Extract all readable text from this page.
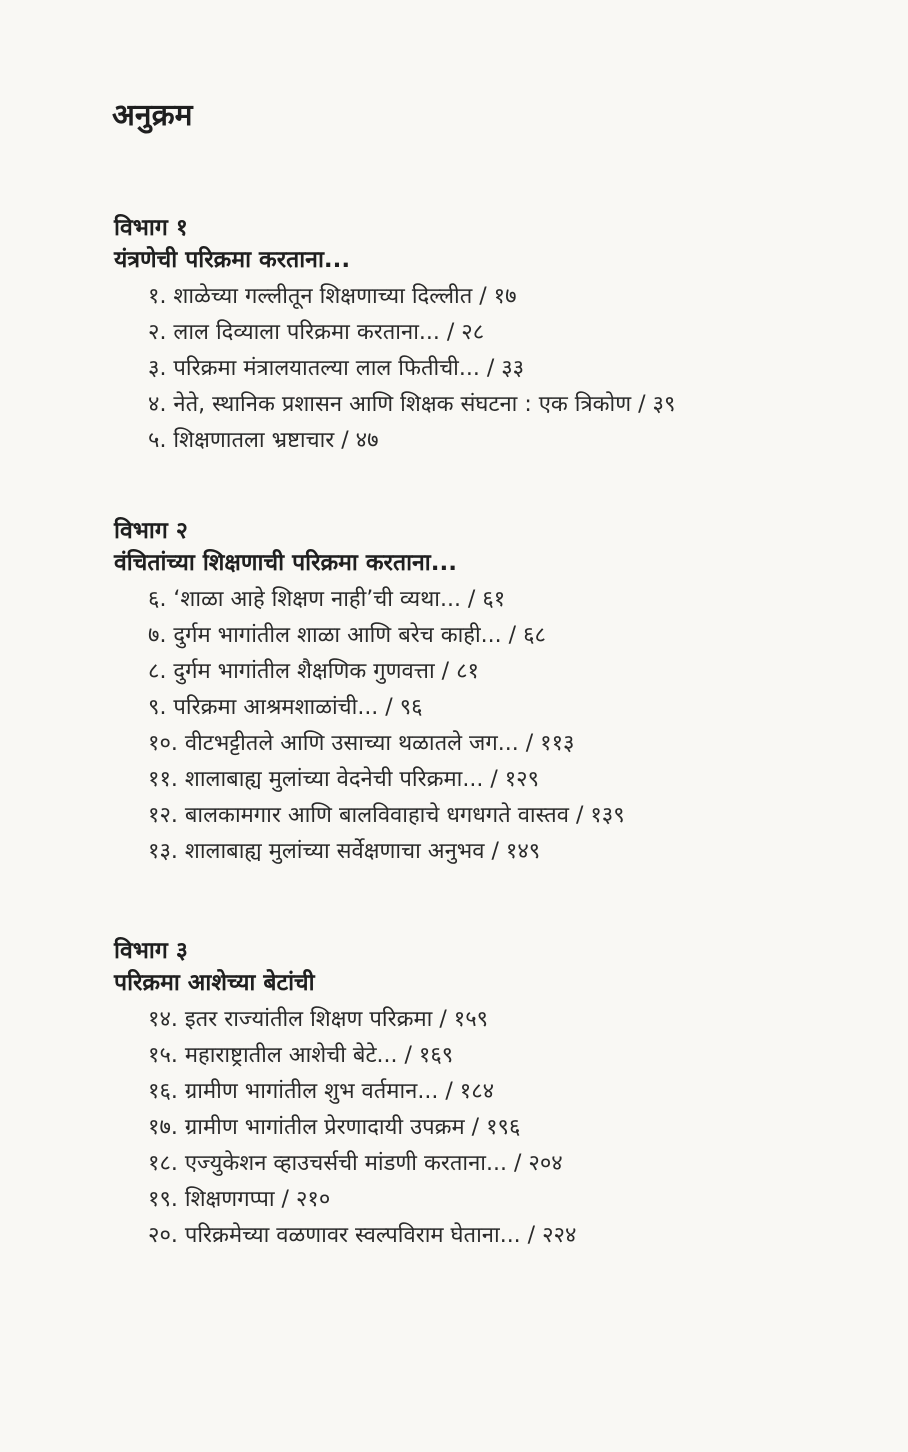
अनुक्रम
विभाग १
यंत्रणेची परिक्रमा करताना...
१. शाळेच्या गल्लीतून शिक्षणाच्या दिल्लीत / १७
२. लाल दिव्याला परिक्रमा करताना... / २८
३. परिक्रमा मंत्रालयातल्या लाल फितीची... / ३३
४. नेते, स्थानिक प्रशासन आणि शिक्षक संघटना : एक त्रिकोण / ३९
५. शिक्षणातला भ्रष्टाचार / ४७
विभाग २
वंचितांच्या शिक्षणाची परिक्रमा करताना...
६. ‘शाळा आहे शिक्षण नाही’ची व्यथा... / ६१
७. दुर्गम भागांतील शाळा आणि बरेच काही... / ६८
८. दुर्गम भागांतील शैक्षणिक गुणवत्ता / ८१
९. परिक्रमा आश्रमशाळांची... / ९६
१०. वीटभट्टीतले आणि उसाच्या थळातले जग... / ११३
११. शालाबाह्य मुलांच्या वेदनेची परिक्रमा... / १२९
१२. बालकामगार आणि बालविवाहाचे धगधगते वास्तव / १३९
१३. शालाबाह्य मुलांच्या सर्वेक्षणाचा अनुभव / १४९
विभाग ३
परिक्रमा आशेच्या बेटांची
१४. इतर राज्यांतील शिक्षण परिक्रमा / १५९
१५. महाराष्ट्रातील आशेची बेटे... / १६९
१६. ग्रामीण भागांतील शुभ वर्तमान... / १८४
१७. ग्रामीण भागांतील प्रेरणादायी उपक्रम / १९६
१८. एज्युकेशन व्हाउचर्सची मांडणी करताना... / २०४
१९. शिक्षणगप्पा / २१०
२०. परिक्रमेच्या वळणावर स्वल्पविराम घेताना... / २२४
